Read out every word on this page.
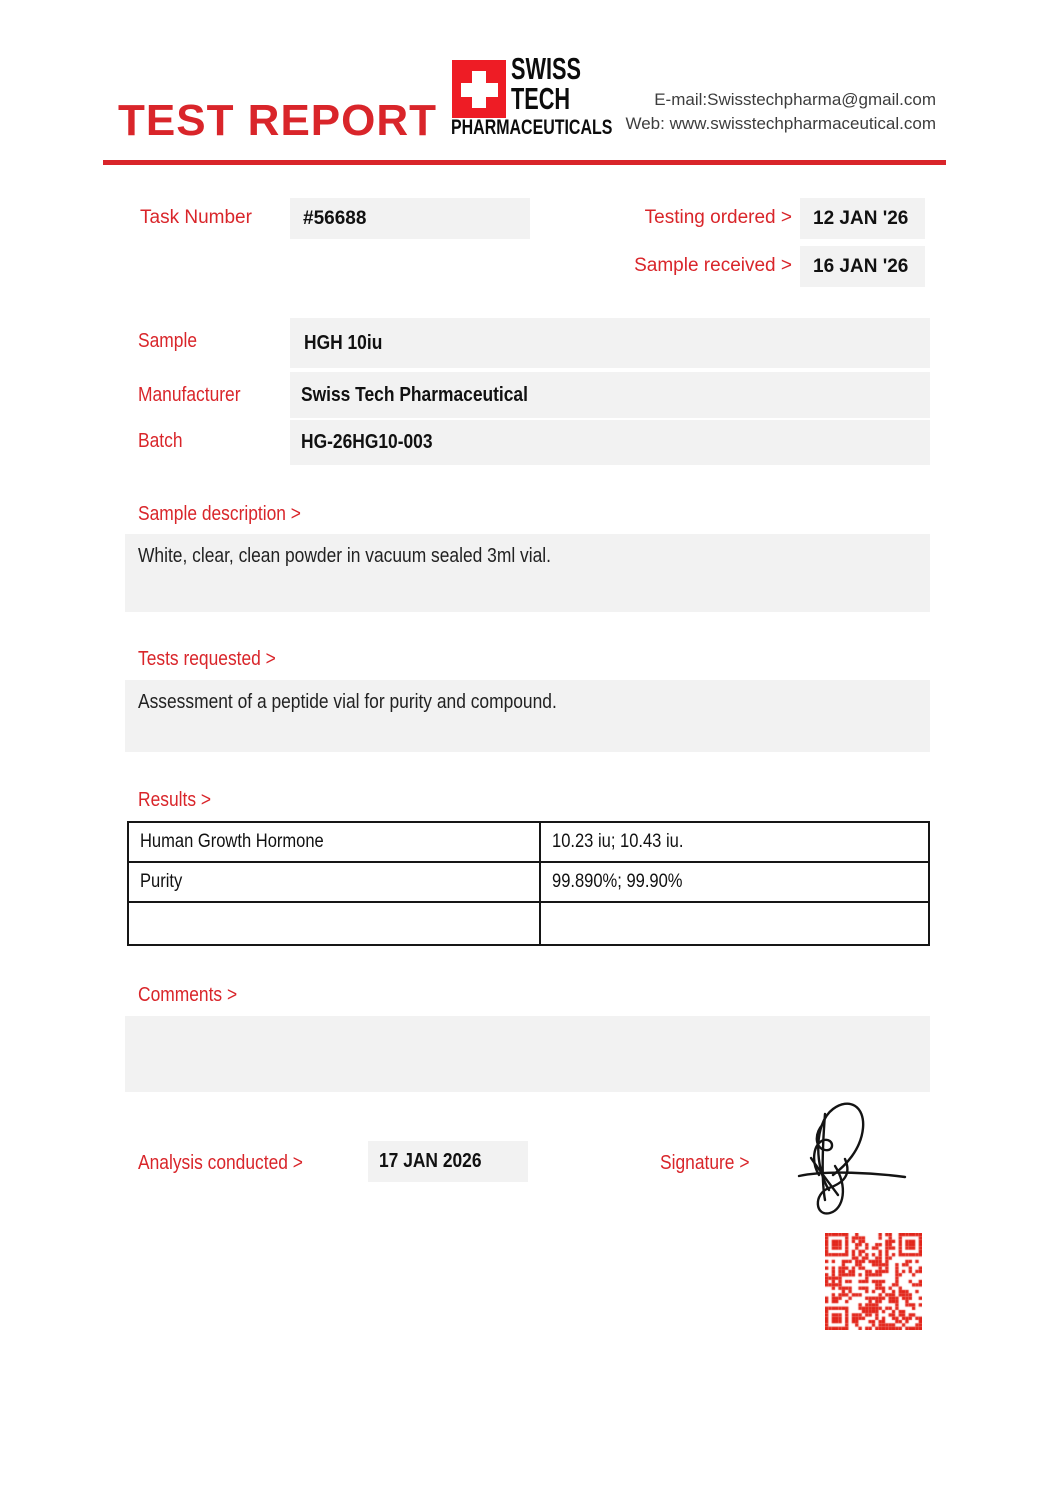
TEST REPORT
SWISS
TECH
PHARMACEUTICALS
E-mail:Swisstechpharma@gmail.com
Web: www.swisstechpharmaceutical.com
Task Number	#56688	Testing ordered >	12 JAN '26
Sample received >	16 JAN '26
Sample	HGH 10iu
Manufacturer	Swiss Tech Pharmaceutical
Batch	HG-26HG10-003
Sample description >
White, clear, clean powder in vacuum sealed 3ml vial.
Tests requested >
Assessment of a peptide vial for purity and compound.
Results >
Human Growth Hormone	10.23 iu; 10.43 iu.
Purity	99.890%; 99.90%

Comments >
Analysis conducted >	17 JAN 2026	Signature >
